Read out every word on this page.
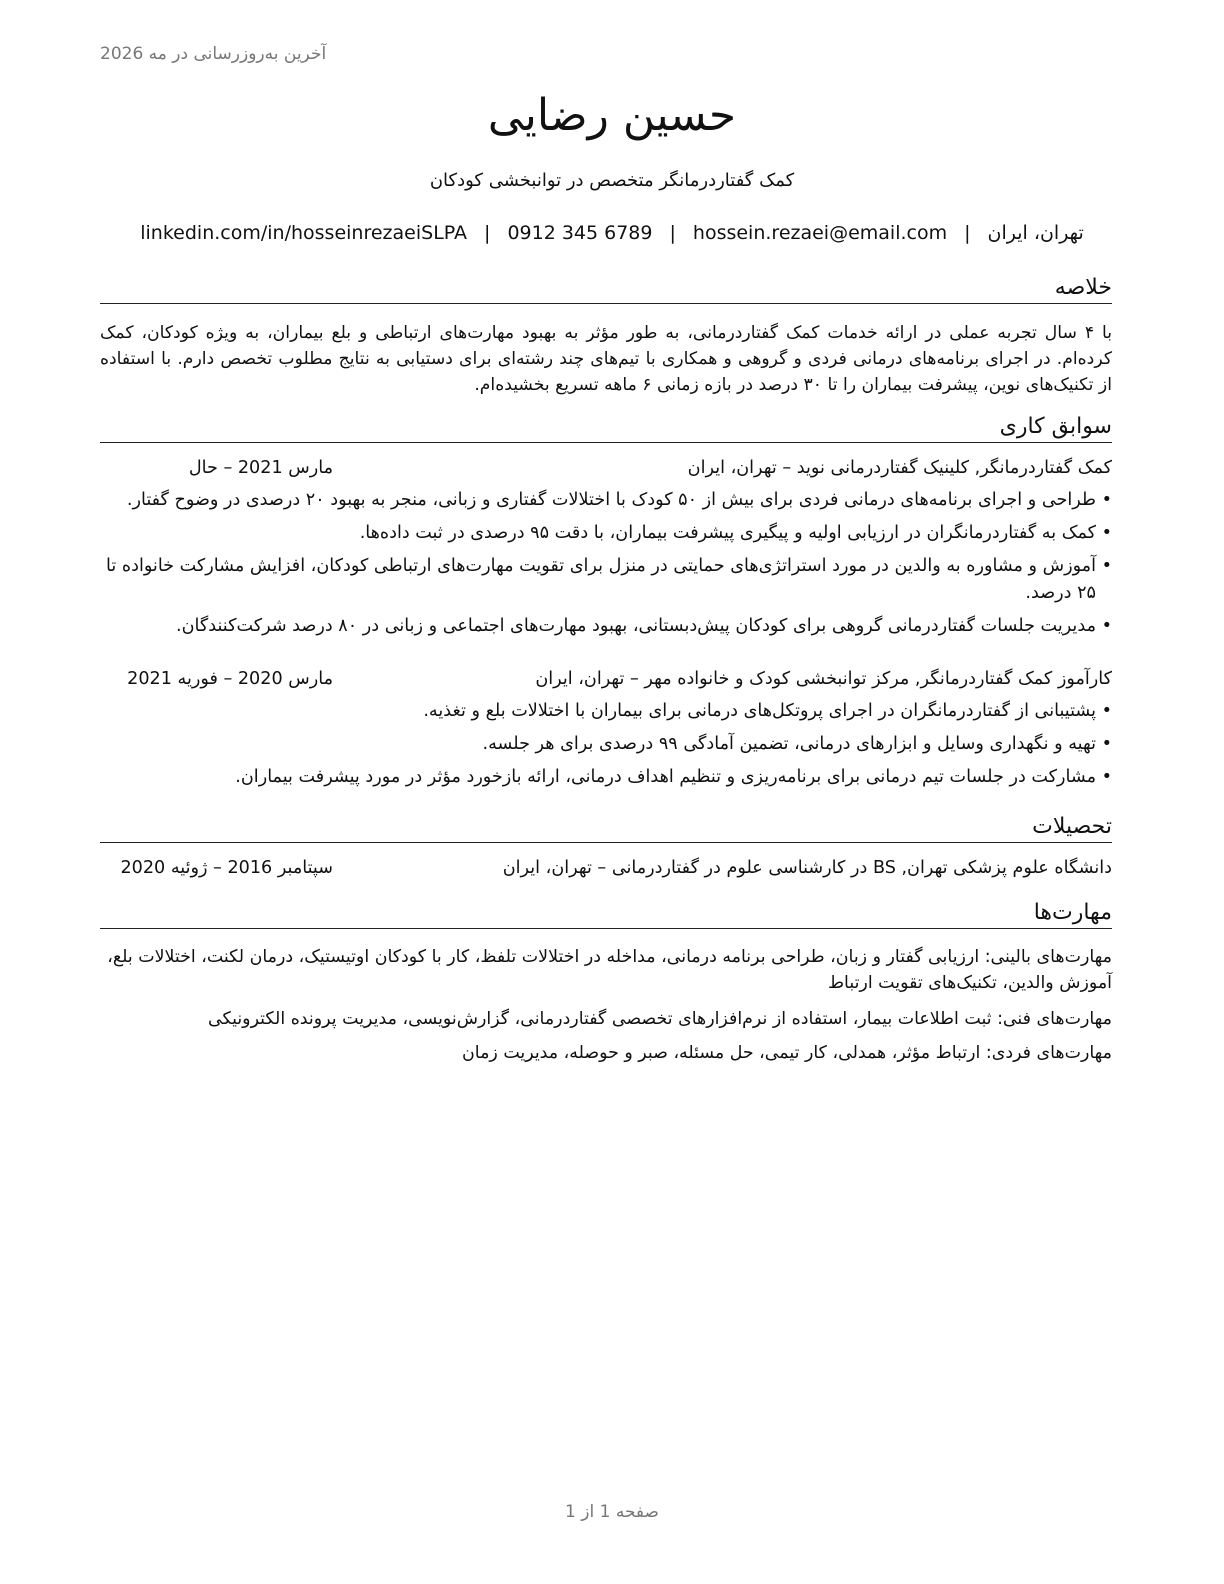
آخرین به‌روزرسانی در مه 2026
حسین رضایی
کمک گفتاردرمانگر متخصص در توانبخشی کودکان
linkedin.com/in/hosseinrezaeiSLPA | 0912 345 6789 | hossein.rezaei@email.com | تهران، ایران
خلاصه
با ۴ سال تجربه عملی در ارائه خدمات کمک گفتاردرمانی، به طور مؤثر به بهبود مهارت‌های ارتباطی و بلع بیماران، به ویژه کودکان، کمک کرده‌ام. در اجرای برنامه‌های درمانی فردی و گروهی و همکاری با تیم‌های چند رشته‌ای برای دستیابی به نتایج مطلوب تخصص دارم. با استفاده از تکنیک‌های نوین، پیشرفت بیماران را تا ۳۰ درصد در بازه زمانی ۶ ماهه تسریع بخشیده‌ام.
سوابق کاری
کمک گفتاردرمانگر, کلینیک گفتاردرمانی نوید – تهران، ایران
مارس 2021 – حال
• طراحی و اجرای برنامه‌های درمانی فردی برای بیش از ۵۰ کودک با اختلالات گفتاری و زبانی، منجر به بهبود ۲۰ درصدی در وضوح گفتار.
• کمک به گفتاردرمانگران در ارزیابی اولیه و پیگیری پیشرفت بیماران، با دقت ۹۵ درصدی در ثبت داده‌ها.
• آموزش و مشاوره به والدین در مورد استراتژی‌های حمایتی در منزل برای تقویت مهارت‌های ارتباطی کودکان، افزایش مشارکت خانواده تا ۲۵ درصد.
• مدیریت جلسات گفتاردرمانی گروهی برای کودکان پیش‌دبستانی، بهبود مهارت‌های اجتماعی و زبانی در ۸۰ درصد شرکت‌کنندگان.
کارآموز کمک گفتاردرمانگر, مرکز توانبخشی کودک و خانواده مهر – تهران، ایران
مارس 2020 – فوریه 2021
• پشتیبانی از گفتاردرمانگران در اجرای پروتکل‌های درمانی برای بیماران با اختلالات بلع و تغذیه.
• تهیه و نگهداری وسایل و ابزارهای درمانی، تضمین آمادگی ۹۹ درصدی برای هر جلسه.
• مشارکت در جلسات تیم درمانی برای برنامه‌ریزی و تنظیم اهداف درمانی، ارائه بازخورد مؤثر در مورد پیشرفت بیماران.
تحصیلات
دانشگاه علوم پزشکی تهران, BS در کارشناسی علوم در گفتاردرمانی – تهران، ایران
سپتامبر 2016 – ژوئیه 2020
مهارت‌ها
مهارت‌های بالینی: ارزیابی گفتار و زبان، طراحی برنامه درمانی، مداخله در اختلالات تلفظ، کار با کودکان اوتیستیک، درمان لکنت، اختلالات بلع، آموزش والدین، تکنیک‌های تقویت ارتباط
مهارت‌های فنی: ثبت اطلاعات بیمار، استفاده از نرم‌افزارهای تخصصی گفتاردرمانی، گزارش‌نویسی، مدیریت پرونده الکترونیکی
مهارت‌های فردی: ارتباط مؤثر، همدلی، کار تیمی، حل مسئله، صبر و حوصله، مدیریت زمان
صفحه 1 از 1
